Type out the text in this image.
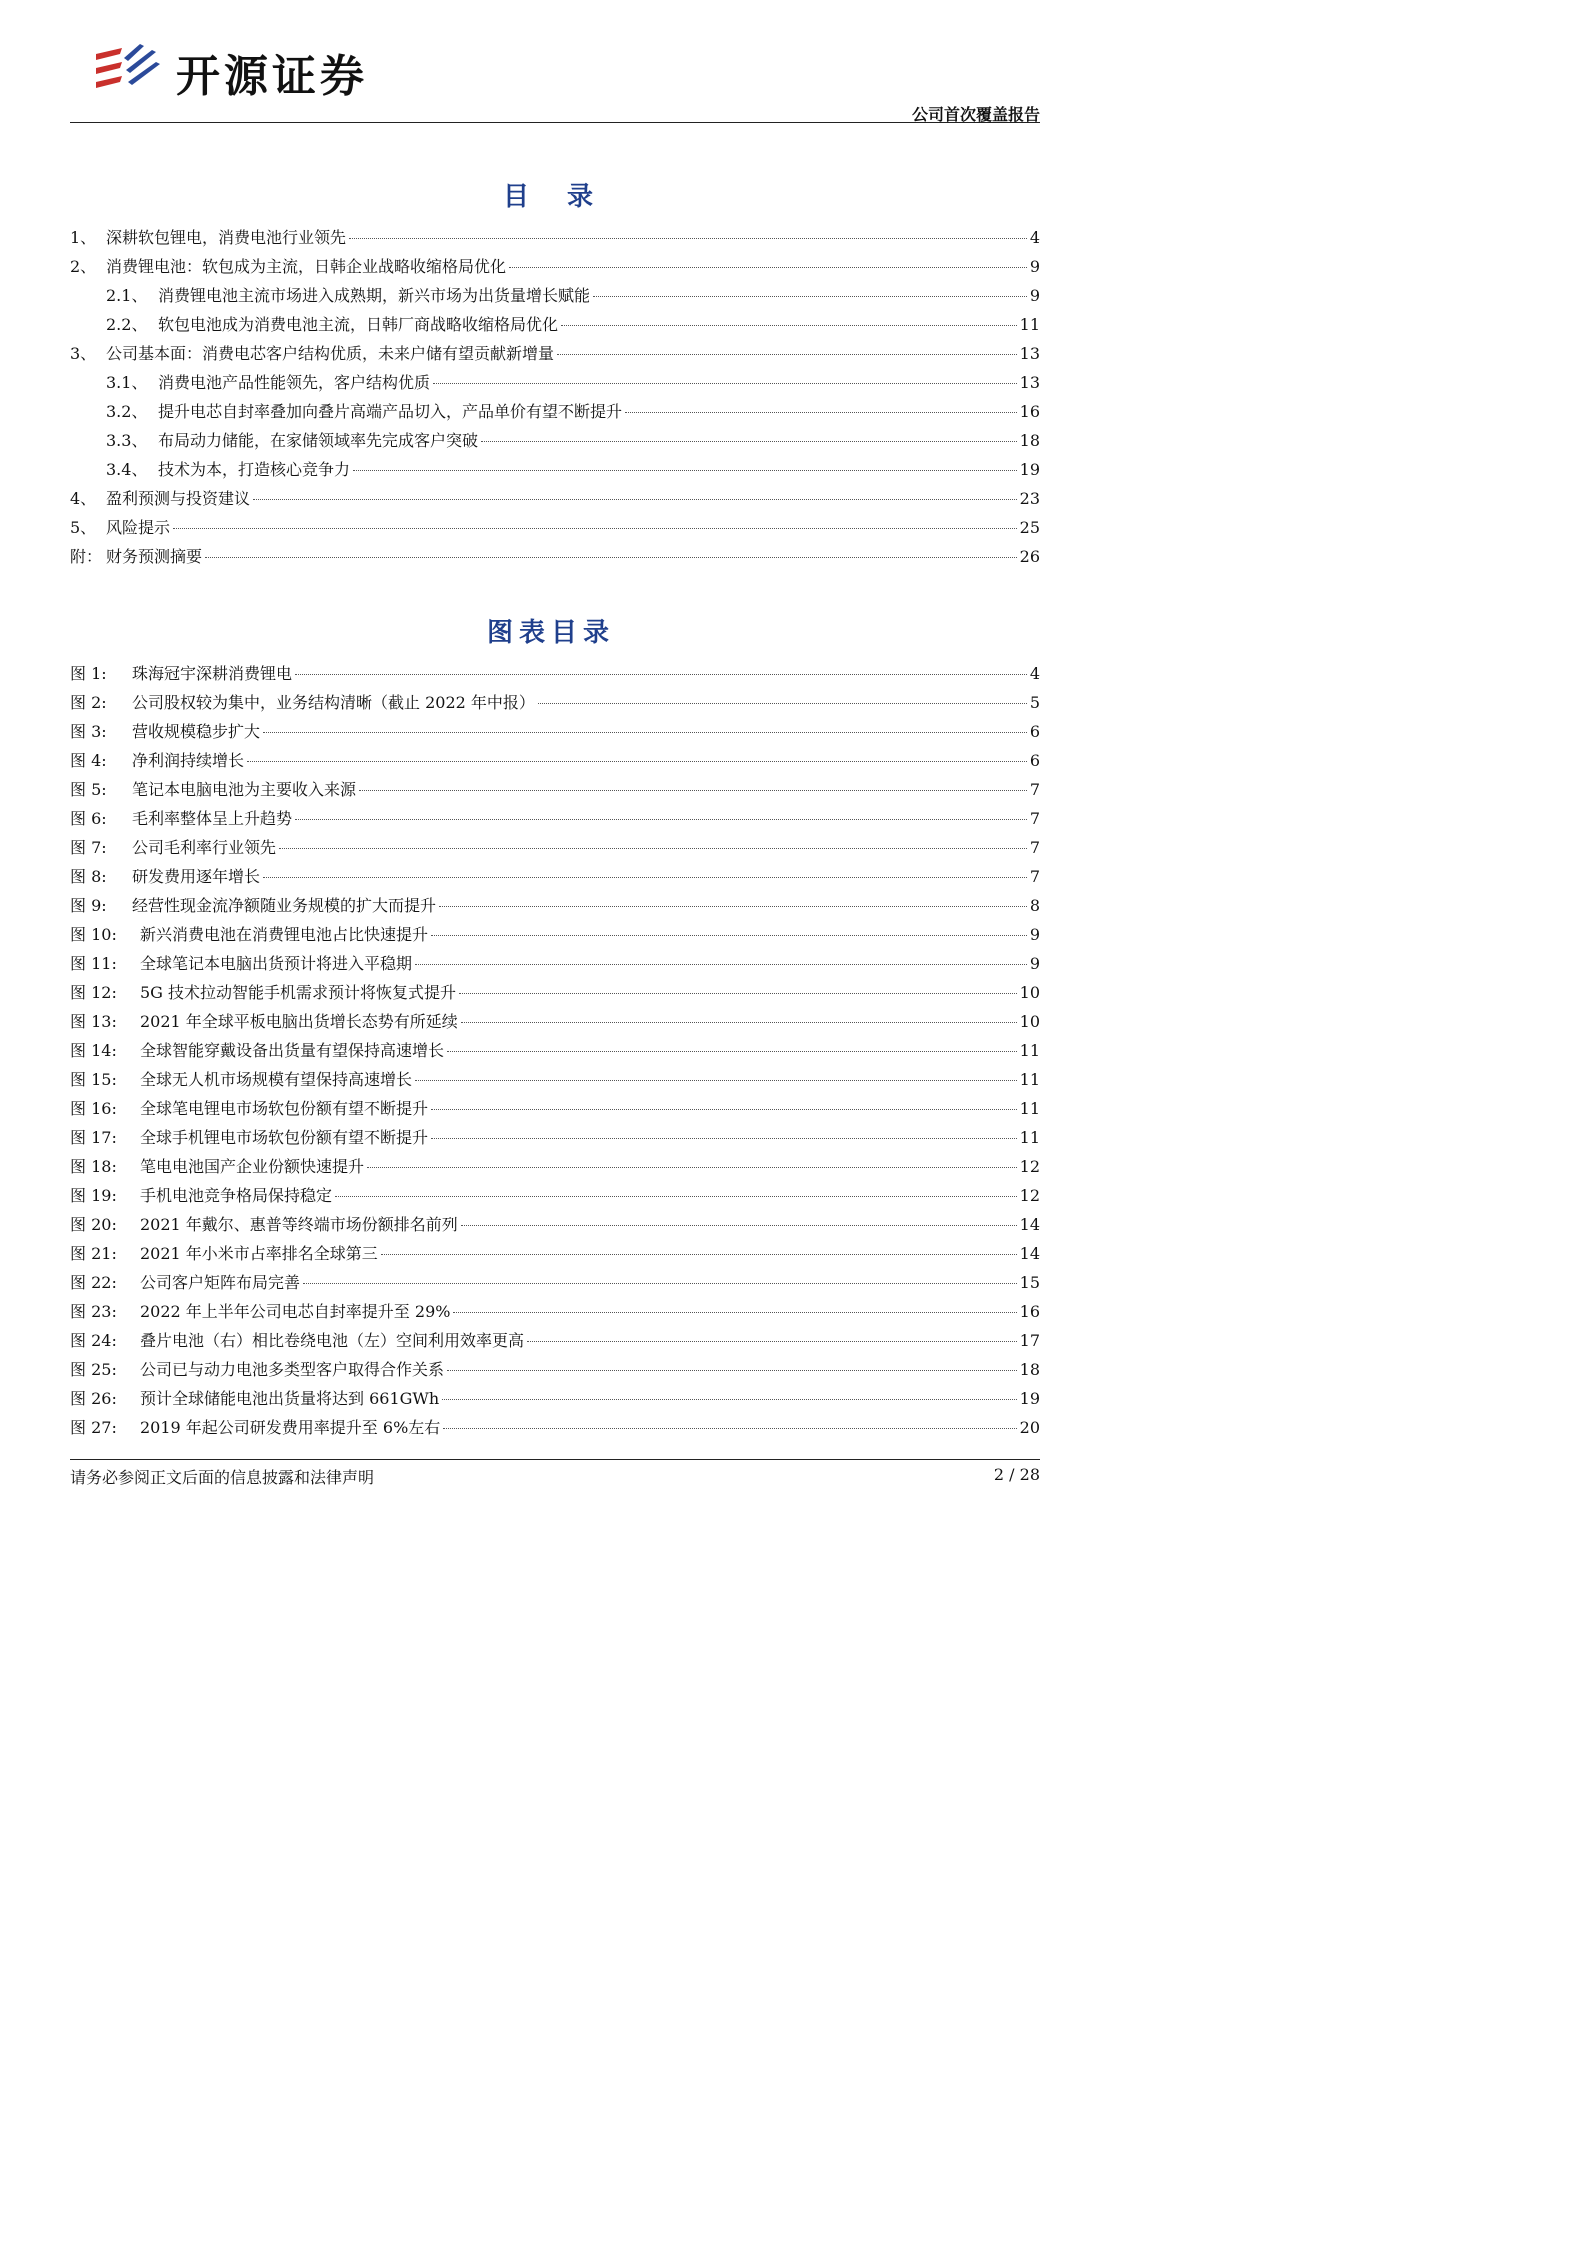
开源证券
公司首次覆盖报告
目　录
1、 深耕软包锂电，消费电池行业领先	4
2、 消费锂电池：软包成为主流，日韩企业战略收缩格局优化	9
2.1、 消费锂电池主流市场进入成熟期，新兴市场为出货量增长赋能	9
2.2、 软包电池成为消费电池主流，日韩厂商战略收缩格局优化	11
3、 公司基本面：消费电芯客户结构优质，未来户储有望贡献新增量	13
3.1、 消费电池产品性能领先，客户结构优质	13
3.2、 提升电芯自封率叠加向叠片高端产品切入，产品单价有望不断提升	16
3.3、 布局动力储能，在家储领域率先完成客户突破	18
3.4、 技术为本，打造核心竞争力	19
4、 盈利预测与投资建议	23
5、 风险提示	25
附： 财务预测摘要	26
图表目录
图 1:	珠海冠宇深耕消费锂电	4
图 2:	公司股权较为集中，业务结构清晰（截止 2022 年中报）	5
图 3:	营收规模稳步扩大	6
图 4:	净利润持续增长	6
图 5:	笔记本电脑电池为主要收入来源	7
图 6:	毛利率整体呈上升趋势	7
图 7:	公司毛利率行业领先	7
图 8:	研发费用逐年增长	7
图 9:	经营性现金流净额随业务规模的扩大而提升	8
图 10:	新兴消费电池在消费锂电池占比快速提升	9
图 11:	全球笔记本电脑出货预计将进入平稳期	9
图 12:	5G 技术拉动智能手机需求预计将恢复式提升	10
图 13:	2021 年全球平板电脑出货增长态势有所延续	10
图 14:	全球智能穿戴设备出货量有望保持高速增长	11
图 15:	全球无人机市场规模有望保持高速增长	11
图 16:	全球笔电锂电市场软包份额有望不断提升	11
图 17:	全球手机锂电市场软包份额有望不断提升	11
图 18:	笔电电池国产企业份额快速提升	12
图 19:	手机电池竞争格局保持稳定	12
图 20:	2021 年戴尔、惠普等终端市场份额排名前列	14
图 21:	2021 年小米市占率排名全球第三	14
图 22:	公司客户矩阵布局完善	15
图 23:	2022 年上半年公司电芯自封率提升至 29%	16
图 24:	叠片电池（右）相比卷绕电池（左）空间利用效率更高	17
图 25:	公司已与动力电池多类型客户取得合作关系	18
图 26:	预计全球储能电池出货量将达到 661GWh	19
图 27:	2019 年起公司研发费用率提升至 6%左右	20
请务必参阅正文后面的信息披露和法律声明	2 / 28
